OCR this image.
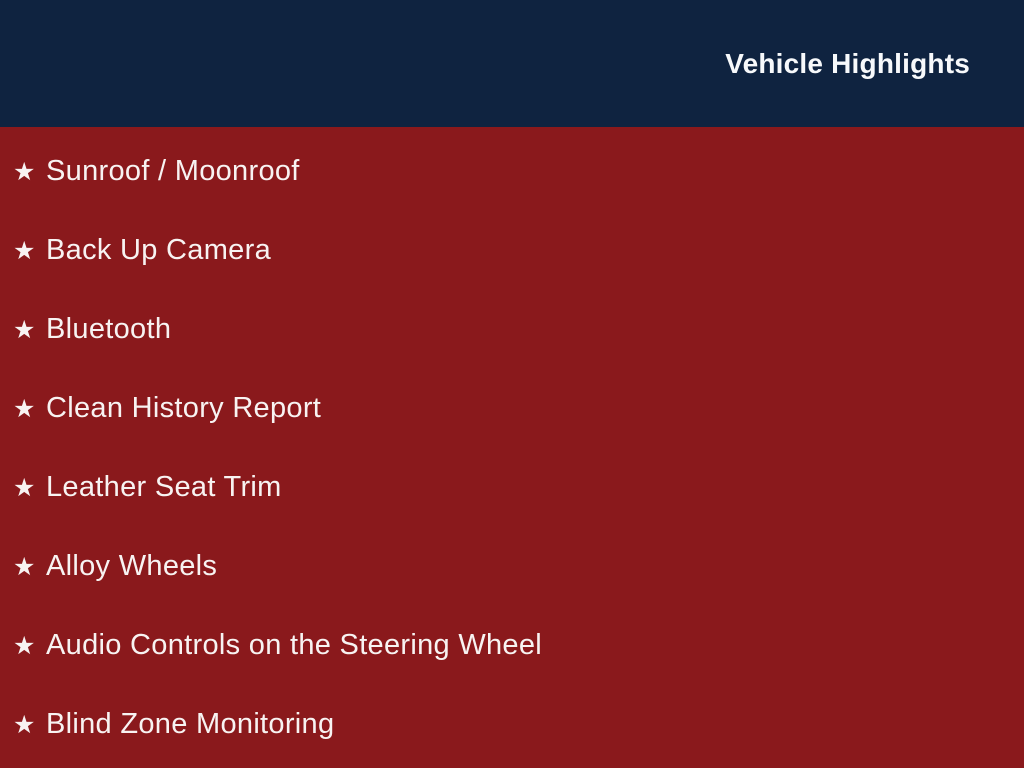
Vehicle Highlights
★ Sunroof / Moonroof
★ Back Up Camera
★ Bluetooth
★ Clean History Report
★ Leather Seat Trim
★ Alloy Wheels
★ Audio Controls on the Steering Wheel
★ Blind Zone Monitoring
